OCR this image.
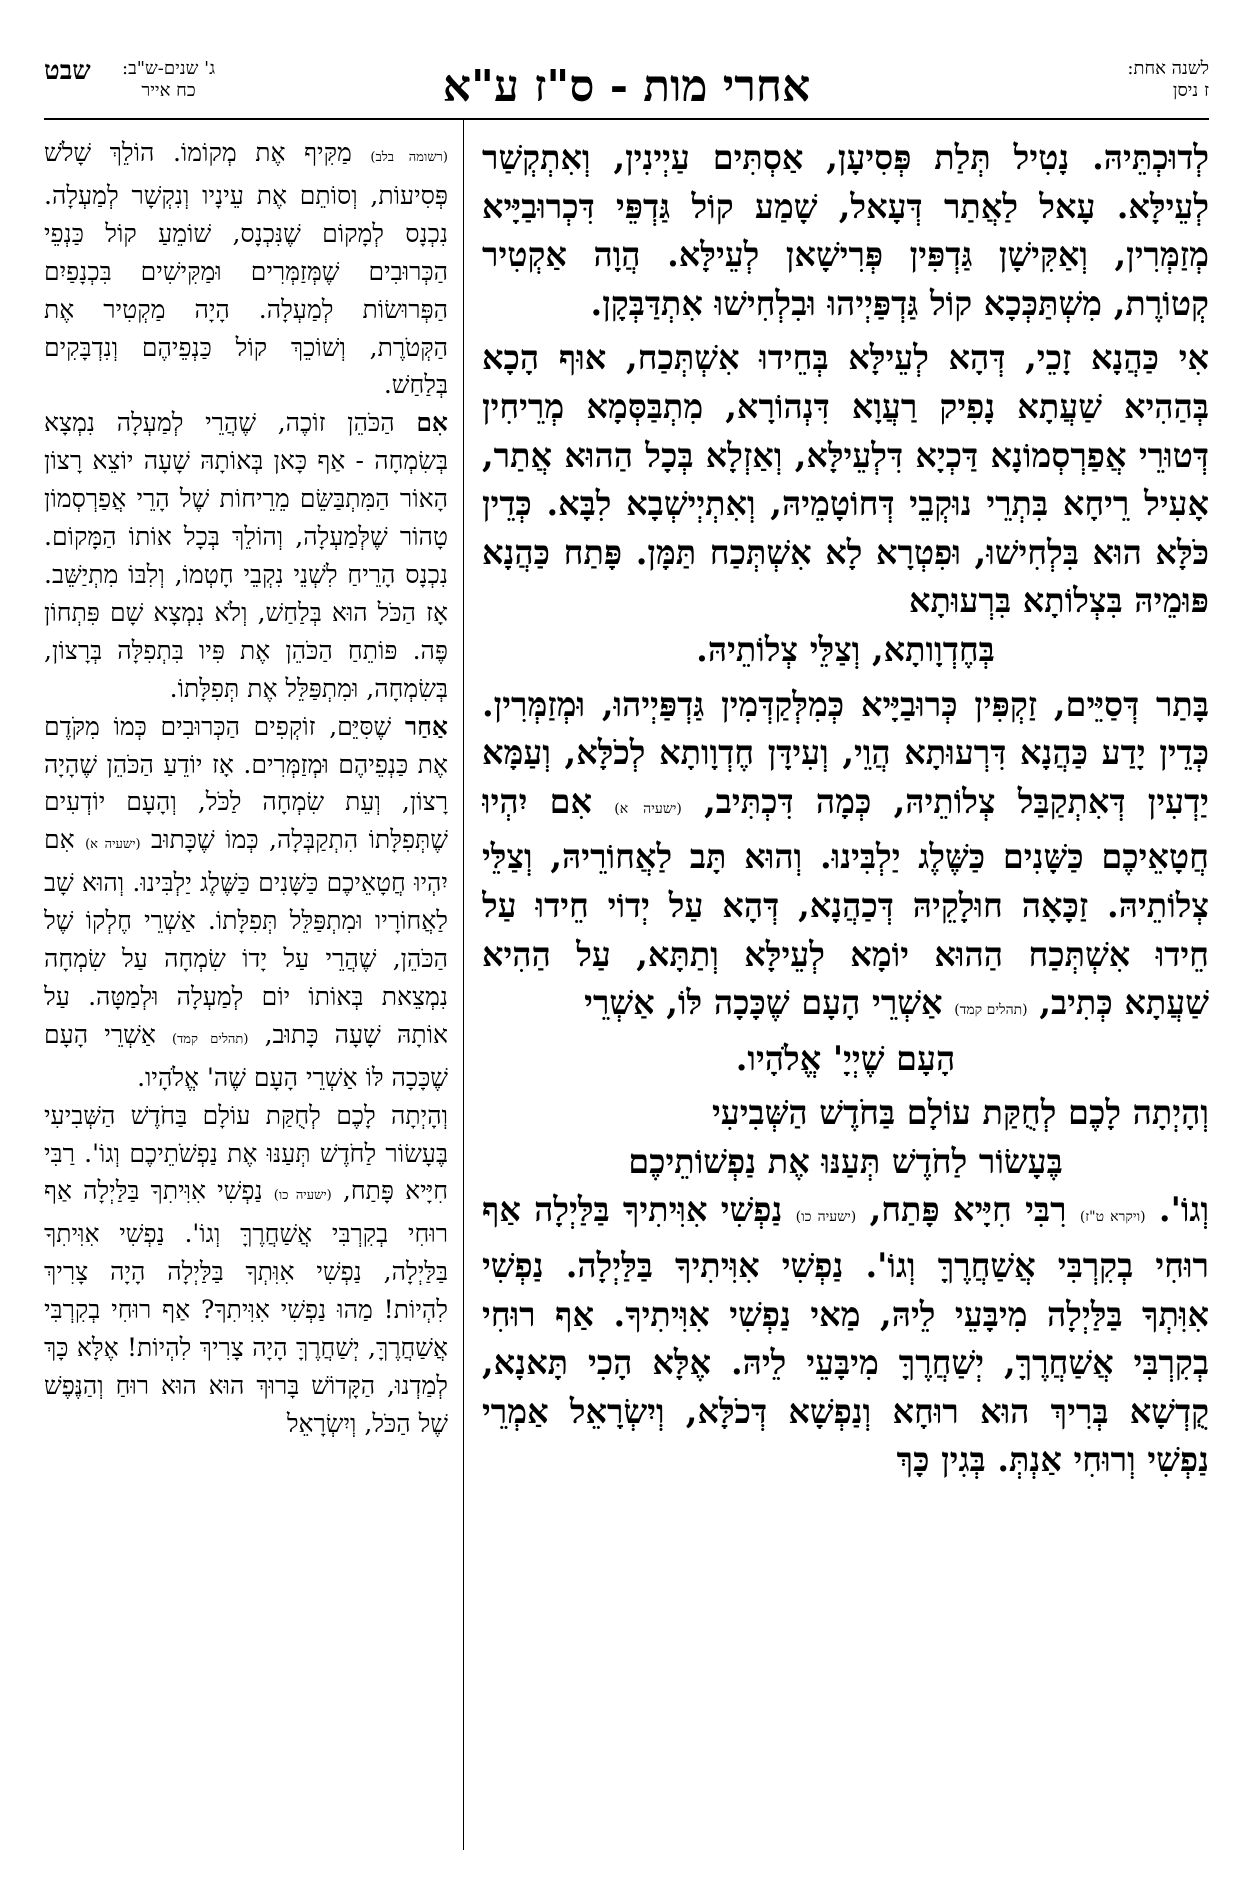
לשנה אחת:
ז ניסן
אחרי מות - ס"ז ע"א
ג' שנים-ש"ב:
כח אייר
שבט

לְדוּכְתֵּיהּ. נָטִיל תְּלַת פְּסִיעָן, אַסְתִּים עַיְינִין, וְאִתְקְשַׁר לְעֵילָּא. עָאל לַאֲתַר דְּעָאל, שָׁמַע קוֹל גַּדְפֵּי דִּכְרוּבַיָּיא מְזַמְּרִין, וְאַקִּישָׁן גַּדְפִּין פְּרִישָׁאן לְעֵילָּא. הֲוָה אַקְטִיר קְטוֹרֶת, מִשְׁתַּכְּכָא קוֹל גַּדְפַּיְיהוּ וּבִלְחִישׁוּ אִתְדַּבְּקָן.

אִי כַּהֲנָא זָכֵי, דְּהָא לְעֵילָּא בְּחֵידוּ אִשְׁתְּכַח, אוּף הָכָא בְּהַהִיא שַׁעֲתָא נָפִיק רַעֲוָא דִּנְהוֹרָא, מִתְבַּסְּמָא מְרֵיחִין דְּטוּרֵי אֲפַרְסְמוֹנָא דַּכְיָא דִּלְעֵילָּא, וְאַזְלָא בְּכָל הַהוּא אֲתַר, אָעִיל רֵיחָא בִּתְרֵי נוּקְבֵי דְּחוֹטָמֵיהּ, וְאִתְיְישְׁבָא לִבָּא. כְּדֵין כֹּלָּא הוּא בִּלְחִישׁוּ, וּפִטְרָא לָא אִשְׁתְּכַח תַּמָּן. פָּתַח כַּהֲנָא פּוּמֵיהּ בִּצְלוֹתָא בִּרְעוּתָא
בְּחֶדְוָותָא, וְצַלֵּי צְלוֹתֵיהּ.

בָּתַר דְּסַיֵּים, זַקְפִּין כְּרוּבַיָּיא כְּמִלְּקַדְּמִין גַּדְפַּיְיהוּ, וּמְזַמְּרִין. כְּדֵין יָדַע כַּהֲנָא דִּרְעוּתָא הֲוֵי, וְעִידָּן חֶדְוָותָא לְכֹלָּא, וְעַמָּא יַדְעִין דְּאִתְקַבַּל צְלוֹתֵיהּ, כְּמָה דִּכְתִּיב, (ישעיה א) אִם יִהְיוּ חֲטָאֵיכֶם כַּשָּׁנִים כַּשֶּׁלֶג יַלְבִּינוּ. וְהוּא תָּב לַאֲחוֹרֵיהּ, וְצַלֵּי צְלוֹתֵיהּ. זַכָּאָה חוּלָקֵיהּ דְּכַהֲנָא, דְּהָא עַל יְדוֹי חֵידוּ עַל חֵידוּ אִשְׁתְּכַח הַהוּא יוֹמָא לְעֵילָּא וְתַתָּא, עַל הַהִיא שַׁעֲתָא כְּתִיב, (תהלים קמד) אַשְׁרֵי הָעָם שֶׁכָּכָה לּוֹ, אַשְׁרֵי
הָעָם שֶׁיְיָ' אֱלֹהָיו.

וְהָיְתָה לָכֶם לְחֻקַּת עוֹלָם בַּחֹדֶשׁ הַשְּׁבִיעִי
בֶּעָשׂוֹר לַחֹדֶשׁ תְּעַנּוּ אֶת נַפְשׁוֹתֵיכֶם
וְגוֹ'. (ויקרא ט"ז) רִבִּי חִיָּיא פָּתַח, (ישעיה כו) נַפְשִׁי אִוִּיתִיךָ בַּלַּיְלָה אַף רוּחִי בְקִרְבִּי אֲשַׁחֲרֶךָּ וְגוֹ'. נַפְשִׁי אִוִּיתִיךָ בַּלַּיְלָה. נַפְשִׁי אִוִּתְךָ בַּלַּיְלָה מִיבָּעֵי לֵיהּ, מַאי נַפְשִׁי אִוִּיתִיךָ. אַף רוּחִי בְקִרְבִּי אֲשַׁחֲרֶךָּ, יְשַׁחֲרֶךָּ מִיבָּעֵי לֵיהּ. אֶלָּא הָכִי תָּאנָא, קֻדְשָׁא בְּרִיךְ הוּא רוּחָא וְנַפְשָׁא דְּכֹלָּא, וְיִשְׂרָאֵל אַמְרֵי נַפְשִׁי וְרוּחִי אַנְתְּ. בְּגִין כָּךְ

(רשומה בלב) מַקִּיף אֶת מְקוֹמוֹ. הוֹלֵךְ שָׁלֹשׁ פְּסִיעוֹת, וְסוֹתֵם אֶת עֵינָיו וְנִקְשָׁר לְמַעְלָה. נִכְנָס לְמָקוֹם שֶׁנִּכְנָס, שׁוֹמֵעַ קוֹל כַּנְפֵי הַכְּרוּבִים שֶׁמְּזַמְּרִים וּמַקִּישִׁים בִּכְנָפַיִם הַפְּרוּשׂוֹת לְמַעְלָה. הָיָה מַקְטִיר אֶת הַקְּטֹרֶת, וְשׁוֹכֵךְ קוֹל כַּנְפֵיהֶם וְנִדְבָּקִים בְּלַחַשׁ.

אִם הַכֹּהֵן זוֹכֶה, שֶׁהֲרֵי לְמַעְלָה נִמְצָא בְּשִׂמְחָה - אַף כָּאן בְּאוֹתָהּ שָׁעָה יוֹצֵא רָצוֹן הָאוֹר הַמִּתְבַּשֵּׂם מֵרֵיחוֹת שֶׁל הָרֵי אֲפַרְסְמוֹן טָהוֹר שֶׁלְּמַעְלָה, וְהוֹלֵךְ בְּכָל אוֹתוֹ הַמָּקוֹם. נִכְנָס הָרֵיחַ לִשְׁנֵי נִקְבֵי חָטְמוֹ, וְלִבּוֹ מִתְיַשֵּׁב. אָז הַכֹּל הוּא בְּלַחַשׁ, וְלֹא נִמְצָא שָׁם פִּתְחוֹן פֶּה. פּוֹתֵחַ הַכֹּהֵן אֶת פִּיו בִּתְפִלָּה בְּרָצוֹן, בְּשִׂמְחָה, וּמִתְפַּלֵּל אֶת תְּפִלָּתוֹ.

אַחַר שֶׁסִּיֵּם, זוֹקְפִים הַכְּרוּבִים כְּמוֹ מִקֹּדֶם אֶת כַּנְפֵיהֶם וּמְזַמְּרִים. אָז יוֹדֵעַ הַכֹּהֵן שֶׁהָיָה רָצוֹן, וְעֵת שִׂמְחָה לַכֹּל, וְהָעָם יוֹדְעִים שֶׁתְּפִלָּתוֹ הִתְקַבְּלָה, כְּמוֹ שֶׁכָּתוּב (ישעיה א) אִם יִהְיוּ חֲטָאֵיכֶם כַּשָּׁנִים כַּשֶּׁלֶג יַלְבִּינוּ. וְהוּא שָׁב לַאֲחוֹרָיו וּמִתְפַּלֵּל תְּפִלָּתוֹ. אַשְׁרֵי חֶלְקוֹ שֶׁל הַכֹּהֵן, שֶׁהֲרֵי עַל יָדוֹ שִׂמְחָה עַל שִׂמְחָה נִמְצֵאת בְּאוֹתוֹ יוֹם לְמַעְלָה וּלְמַטָּה. עַל אוֹתָהּ שָׁעָה כָּתוּב, (תהלים קמד) אַשְׁרֵי הָעָם שֶׁכָּכָה לּוֹ אַשְׁרֵי הָעָם שֶׁה' אֱלֹהָיו.

וְהָיְתָה לָכֶם לְחֻקַּת עוֹלָם בַּחֹדֶשׁ הַשְּׁבִיעִי בֶּעָשׂוֹר לַחֹדֶשׁ תְּעַנּוּ אֶת נַפְשֹׁתֵיכֶם וְגוֹ'. רַבִּי חִיָּיא פָּתַח, (ישעיה כו) נַפְשִׁי אִוִּיתִךָ בַּלַּיְלָה אַף רוּחִי בְקִרְבִּי אֲשַׁחֲרֶךָּ וְגוֹ'. נַפְשִׁי אִוִּיתִךָ בַּלַּיְלָה, נַפְשִׁי אִוִּתְךָ בַּלַּיְלָה הָיָה צָרִיךְ לִהְיוֹת! מַהוּ נַפְשִׁי אִוִּיתִךָ? אַף רוּחִי בְקִרְבִּי אֲשַׁחֲרֶךָּ, יְשַׁחֲרֶךָּ הָיָה צָרִיךְ לִהְיוֹת! אֶלָּא כָּךְ לְמַדְנוּ, הַקָּדוֹשׁ בָּרוּךְ הוּא הוּא רוּחַ וְהַנֶּפֶשׁ שֶׁל הַכֹּל, וְיִשְׂרָאֵל
